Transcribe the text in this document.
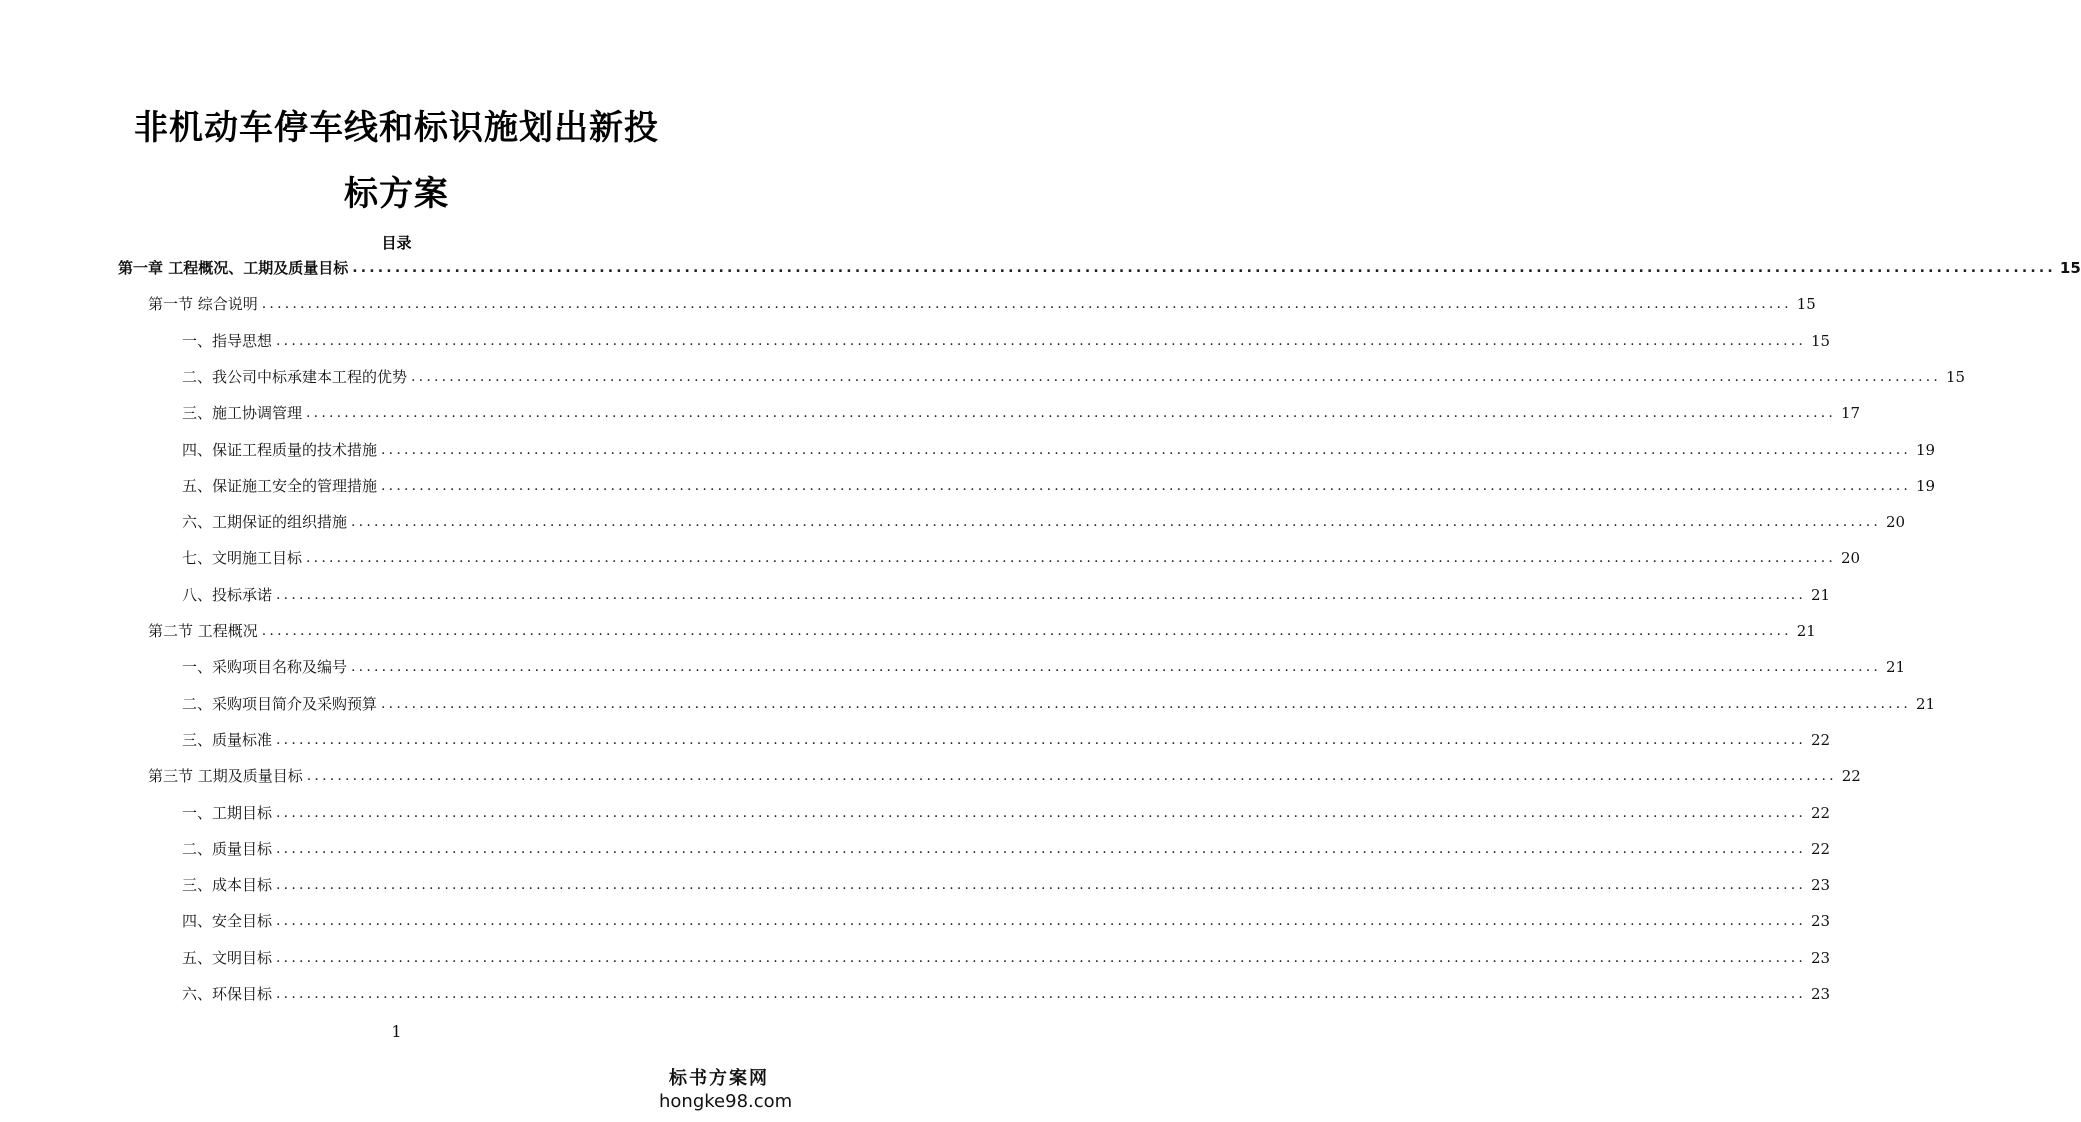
非机动车停车线和标识施划出新投
标方案
目录
第一章 工程概况、工期及质量目标 ........................................................................................................................................................................................................ 15
第一节 综合说明 ........................................................................................................................................................................................................ 15
一、指导思想 ........................................................................................................................................................................................................ 15
二、我公司中标承建本工程的优势 ........................................................................................................................................................................................................ 15
三、施工协调管理 ........................................................................................................................................................................................................ 17
四、保证工程质量的技术措施 ........................................................................................................................................................................................................ 19
五、保证施工安全的管理措施 ........................................................................................................................................................................................................ 19
六、工期保证的组织措施 ........................................................................................................................................................................................................ 20
七、文明施工目标 ........................................................................................................................................................................................................ 20
八、投标承诺 ........................................................................................................................................................................................................ 21
第二节 工程概况 ........................................................................................................................................................................................................ 21
一、采购项目名称及编号 ........................................................................................................................................................................................................ 21
二、采购项目简介及采购预算 ........................................................................................................................................................................................................ 21
三、质量标准 ........................................................................................................................................................................................................ 22
第三节 工期及质量目标 ........................................................................................................................................................................................................ 22
一、工期目标 ........................................................................................................................................................................................................ 22
二、质量目标 ........................................................................................................................................................................................................ 22
三、成本目标 ........................................................................................................................................................................................................ 23
四、安全目标 ........................................................................................................................................................................................................ 23
五、文明目标 ........................................................................................................................................................................................................ 23
六、环保目标 ........................................................................................................................................................................................................ 23
1
标书方案网
hongke98.com
